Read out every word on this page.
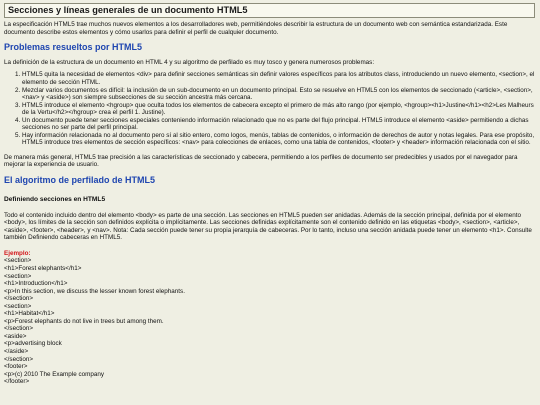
Secciones y líneas generales de un documento HTML5

La especificación HTML5 trae muchos nuevos elementos a los desarrolladores web, permitiéndoles describir la estructura de un documento web con semántica estandarizada. Este documento describe estos elementos y cómo usarlos para definir el perfil de cualquier documento.

Problemas resueltos por HTML5

La definición de la estructura de un documento en HTML 4 y su algoritmo de perfilado es muy tosco y genera numerosos problemas:

1. HTML5 quita la necesidad de elementos <div> para definir secciones semánticas sin definir valores específicos para los atributos class, introduciendo un nuevo elemento, <section>, el elemento de sección HTML.
2. Mezclar varios documentos es difícil: la inclusión de un sub-documento en un documento principal. Esto se resuelve en HTML5 con los elementos de seccionado (<article>, <section>, <nav> y <aside>) son siempre subsecciones de su sección ancestra más cercana.
3. HTML5 introduce el elemento <hgroup> que oculta todos los elementos de cabecera excepto el primero de más alto rango (por ejemplo, <hgroup><h1>Justine</h1><h2>Les Malheurs de la Vertu</h2></hgroup> crea el perfil 1. Justine).
4. Un documento puede tener secciones especiales conteniendo información relacionado que no es parte del flujo principal. HTML5 introduce el elemento <aside> permitiendo a dichas secciones no ser parte del perfil principal.
5. Hay información relacionada no al documento pero sí al sitio entero, como logos, menús, tablas de contenidos, o información de derechos de autor y notas legales. Para ese propósito, HTML5 introduce tres elementos de sección específicos: <nav> para colecciones de enlaces, como una tabla de contenidos, <footer> y <header> información relacionada con el sitio.

De manera más general, HTML5 trae precisión a las características de seccionado y cabecera, permitiendo a los perfiles de documento ser predecibles y usados por el navegador para mejorar la experiencia de usuario.

El algoritmo de perfilado de HTML5
Definiendo secciones en HTML5

Todo el contenido incluido dentro del elemento <body> es parte de una sección. Las secciones en HTML5 pueden ser anidadas. Además de la sección principal, definida por el elemento <body>, los límites de la sección son definidos explícita o implícitamente. Las secciones definidas explícitamente son el contenido definido en las etiquetas <body>, <section>, <article>, <aside>, <footer>, <header>, y <nav>. Nota: Cada sección puede tener su propia jerarquía de cabeceras. Por lo tanto, incluso una sección anidada puede tener un elemento <h1>. Consulte también Definiendo cabeceras en HTML5.

Ejemplo:
<section>
<h1>Forest elephants</h1>
<section>
<h1>Introduction</h1>
<p>In this section, we discuss the lesser known forest elephants.
</section>
<section>
<h1>Habitat</h1>
<p>Forest elephants do not live in trees but among them.
</section>
<aside>
<p>advertising block
</aside>
</section>
<footer>
<p>(c) 2010 The Example company
</footer>
